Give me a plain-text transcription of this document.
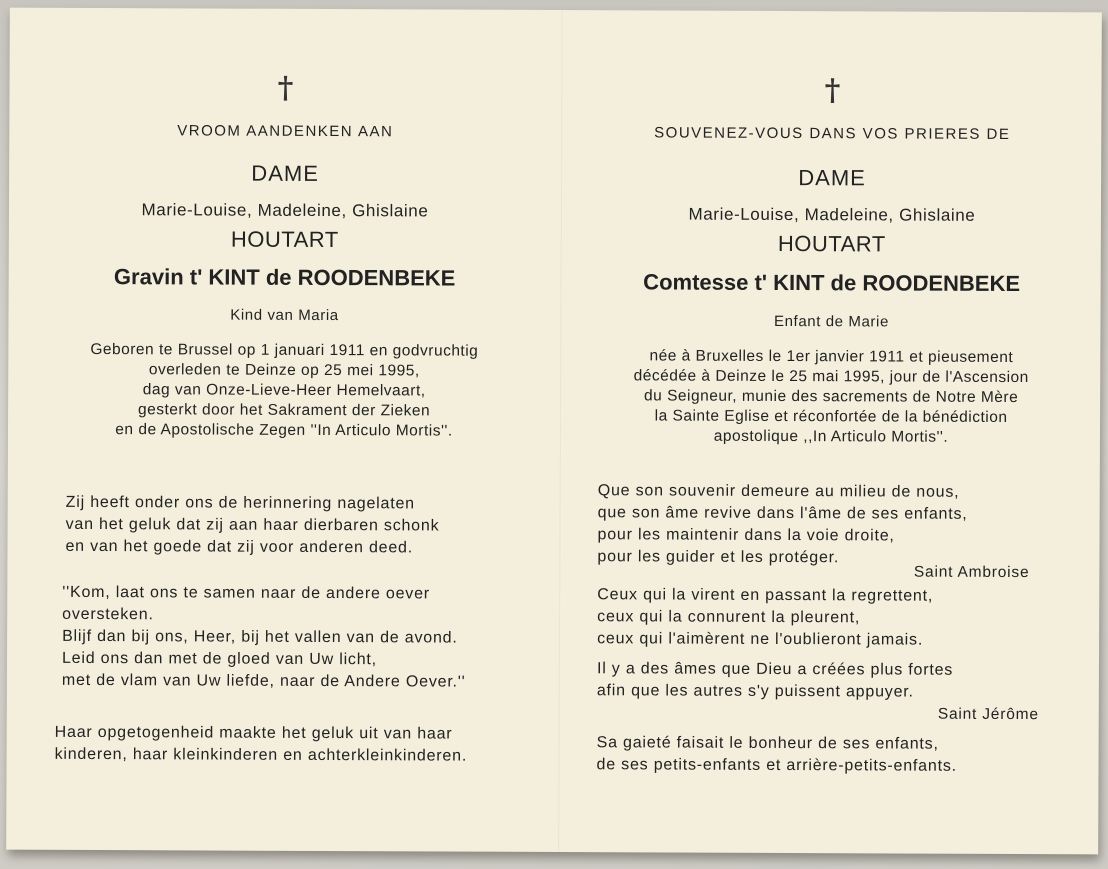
†
VROOM AANDENKEN AAN
DAME
Marie-Louise, Madeleine, Ghislaine
HOUTART
Gravin t' KINT de ROODENBEKE
Kind van Maria
Geboren te Brussel op 1 januari 1911 en godvruchtig
overleden te Deinze op 25 mei 1995,
dag van Onze-Lieve-Heer Hemelvaart,
gesterkt door het Sakrament der Zieken
en de Apostolische Zegen ''In Articulo Mortis''.
Zij heeft onder ons de herinnering nagelaten
van het geluk dat zij aan haar dierbaren schonk
en van het goede dat zij voor anderen deed.
''Kom, laat ons te samen naar de andere oever
oversteken.
Blijf dan bij ons, Heer, bij het vallen van de avond.
Leid ons dan met de gloed van Uw licht,
met de vlam van Uw liefde, naar de Andere Oever.''
Haar opgetogenheid maakte het geluk uit van haar
kinderen, haar kleinkinderen en achterkleinkinderen.
†
SOUVENEZ-VOUS DANS VOS PRIERES DE
DAME
Marie-Louise, Madeleine, Ghislaine
HOUTART
Comtesse t' KINT de ROODENBEKE
Enfant de Marie
née à Bruxelles le 1er janvier 1911 et pieusement
décédée à Deinze le 25 mai 1995, jour de l'Ascension
du Seigneur, munie des sacrements de Notre Mère
la Sainte Eglise et réconfortée de la bénédiction
apostolique ,,In Articulo Mortis''.
Que son souvenir demeure au milieu de nous,
que son âme revive dans l'âme de ses enfants,
pour les maintenir dans la voie droite,
pour les guider et les protéger.
Saint Ambroise
Ceux qui la virent en passant la regrettent,
ceux qui la connurent la pleurent,
ceux qui l'aimèrent ne l'oublieront jamais.
Il y a des âmes que Dieu a créées plus fortes
afin que les autres s'y puissent appuyer.
Saint Jérôme
Sa gaieté faisait le bonheur de ses enfants,
de ses petits-enfants et arrière-petits-enfants.
